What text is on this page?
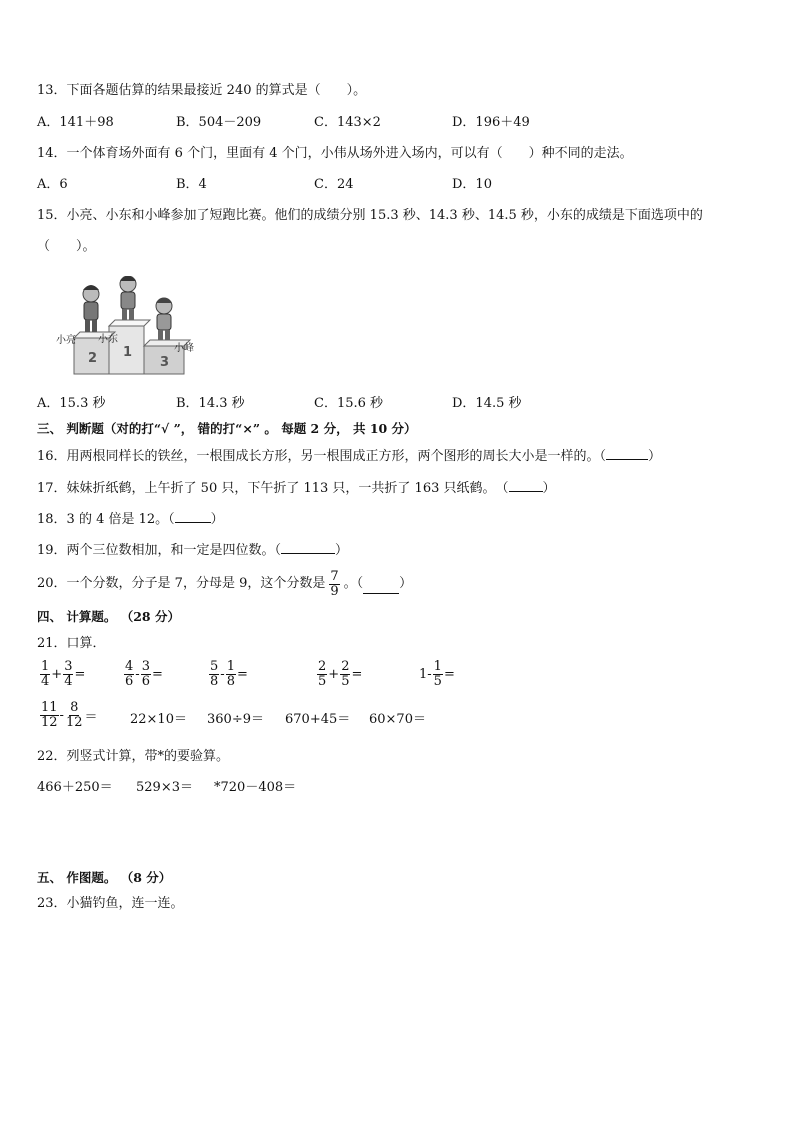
13．下面各题估算的结果最接近 240 的算式是（　　）。
A．141＋98	B．504－209	C．143×2	D．196＋49
14．一个体育场外面有 6 个门，里面有 4 个门，小伟从场外进入场内，可以有（　　）种不同的走法。
A．6	B．4	C．24	D．10
15．小亮、小东和小峰参加了短跑比赛。他们的成绩分别 15.3 秒、14.3 秒、14.5 秒，小东的成绩是下面选项中的
（　　）。
2 1
3
小亮 小东
小峰
A．15.3 秒	B．14.3 秒	C．15.6 秒	D．14.5 秒
三、 判断题（对的打“√ ”， 错的打“×” 。 每题 2 分， 共 10 分）
16．用两根同样长的铁丝，一根围成长方形，另一根围成正方形，两个图形的周长大小是一样的。（	）
17．妹妹折纸鹤，上午折了 50 只，下午折了 113 只，一共折了 163 只纸鹤。　（	）
18．3 的 4 倍是 12。（	）
19．两个三位数相加，和一定是四位数。（	）
20．一个分数，分子是 7，分母是 9，这个分数是 $\frac{7}{9}$ 。（	）
四、 计算题。 （28 分）
21．口算．
$\frac{1}{4} + \frac{3}{4}$ =	$\frac{4}{6} - \frac{3}{6}$ =	$\frac{5}{8} - \frac{1}{8}$ =	$\frac{2}{5} + \frac{2}{5}$ =	$1- \frac{1}{5}$ =
$\frac{11}{12} - \frac{8}{12} = 22\times 10= 360\div 9= 670+45= 60\times 70=$
22．列竖式计算，带*的要验算。
466＋250＝ 529×3＝ *720－408＝
五、 作图题。 （8 分）
23．小猫钓鱼，连一连。
